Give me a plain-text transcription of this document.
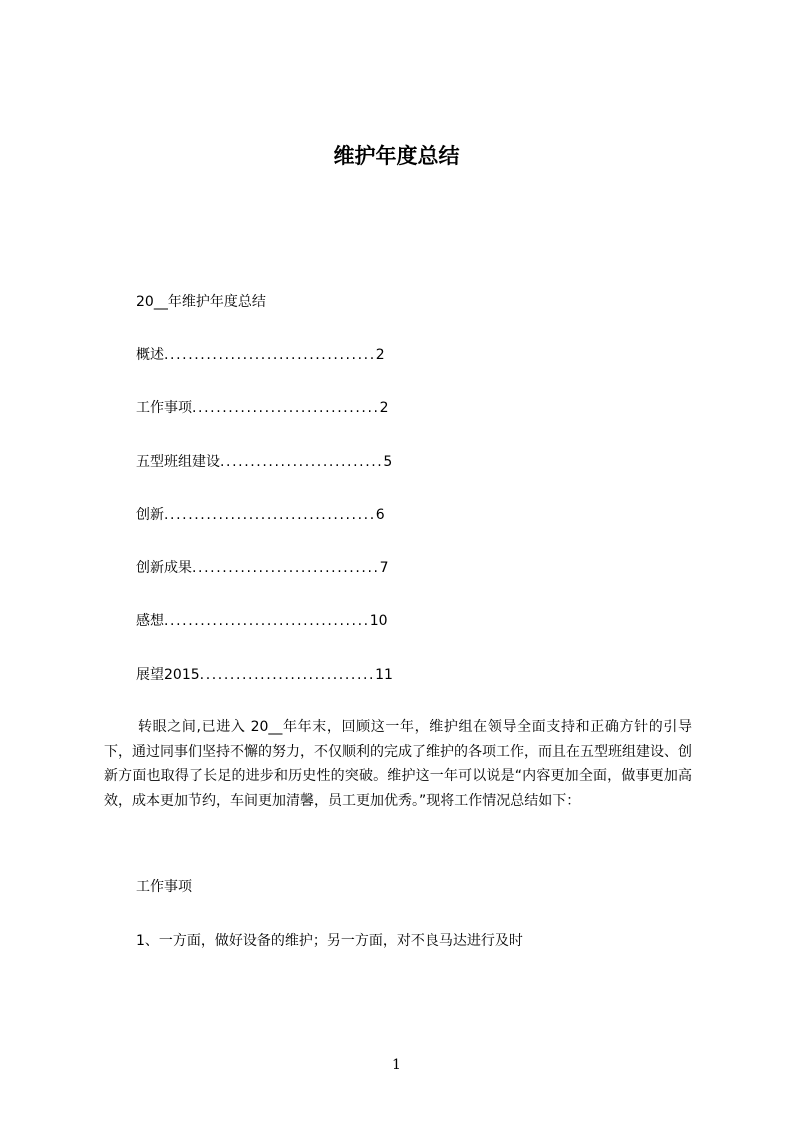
维护年度总结
20__年维护年度总结
概述 ................................... 2
工作事项 ............................... 2
五型班组建设 ........................... 5
创新 ................................... 6
创新成果 ............................... 7
感想 .................................. 10
展望2015 ............................. 11

转眼之间,已进入 20__年年末，回顾这一年，维护组在领导全面支持和正确方针的引导下，通过同事们坚持不懈的努力，不仅顺利的完成了维护的各项工作，而且在五型班组建设、创新方面也取得了长足的进步和历史性的突破。维护这一年可以说是“内容更加全面，做事更加高效，成本更加节约，车间更加清馨，员工更加优秀。”现将工作情况总结如下：

工作事项
1、一方面，做好设备的维护；另一方面，对不良马达进行及时
1
